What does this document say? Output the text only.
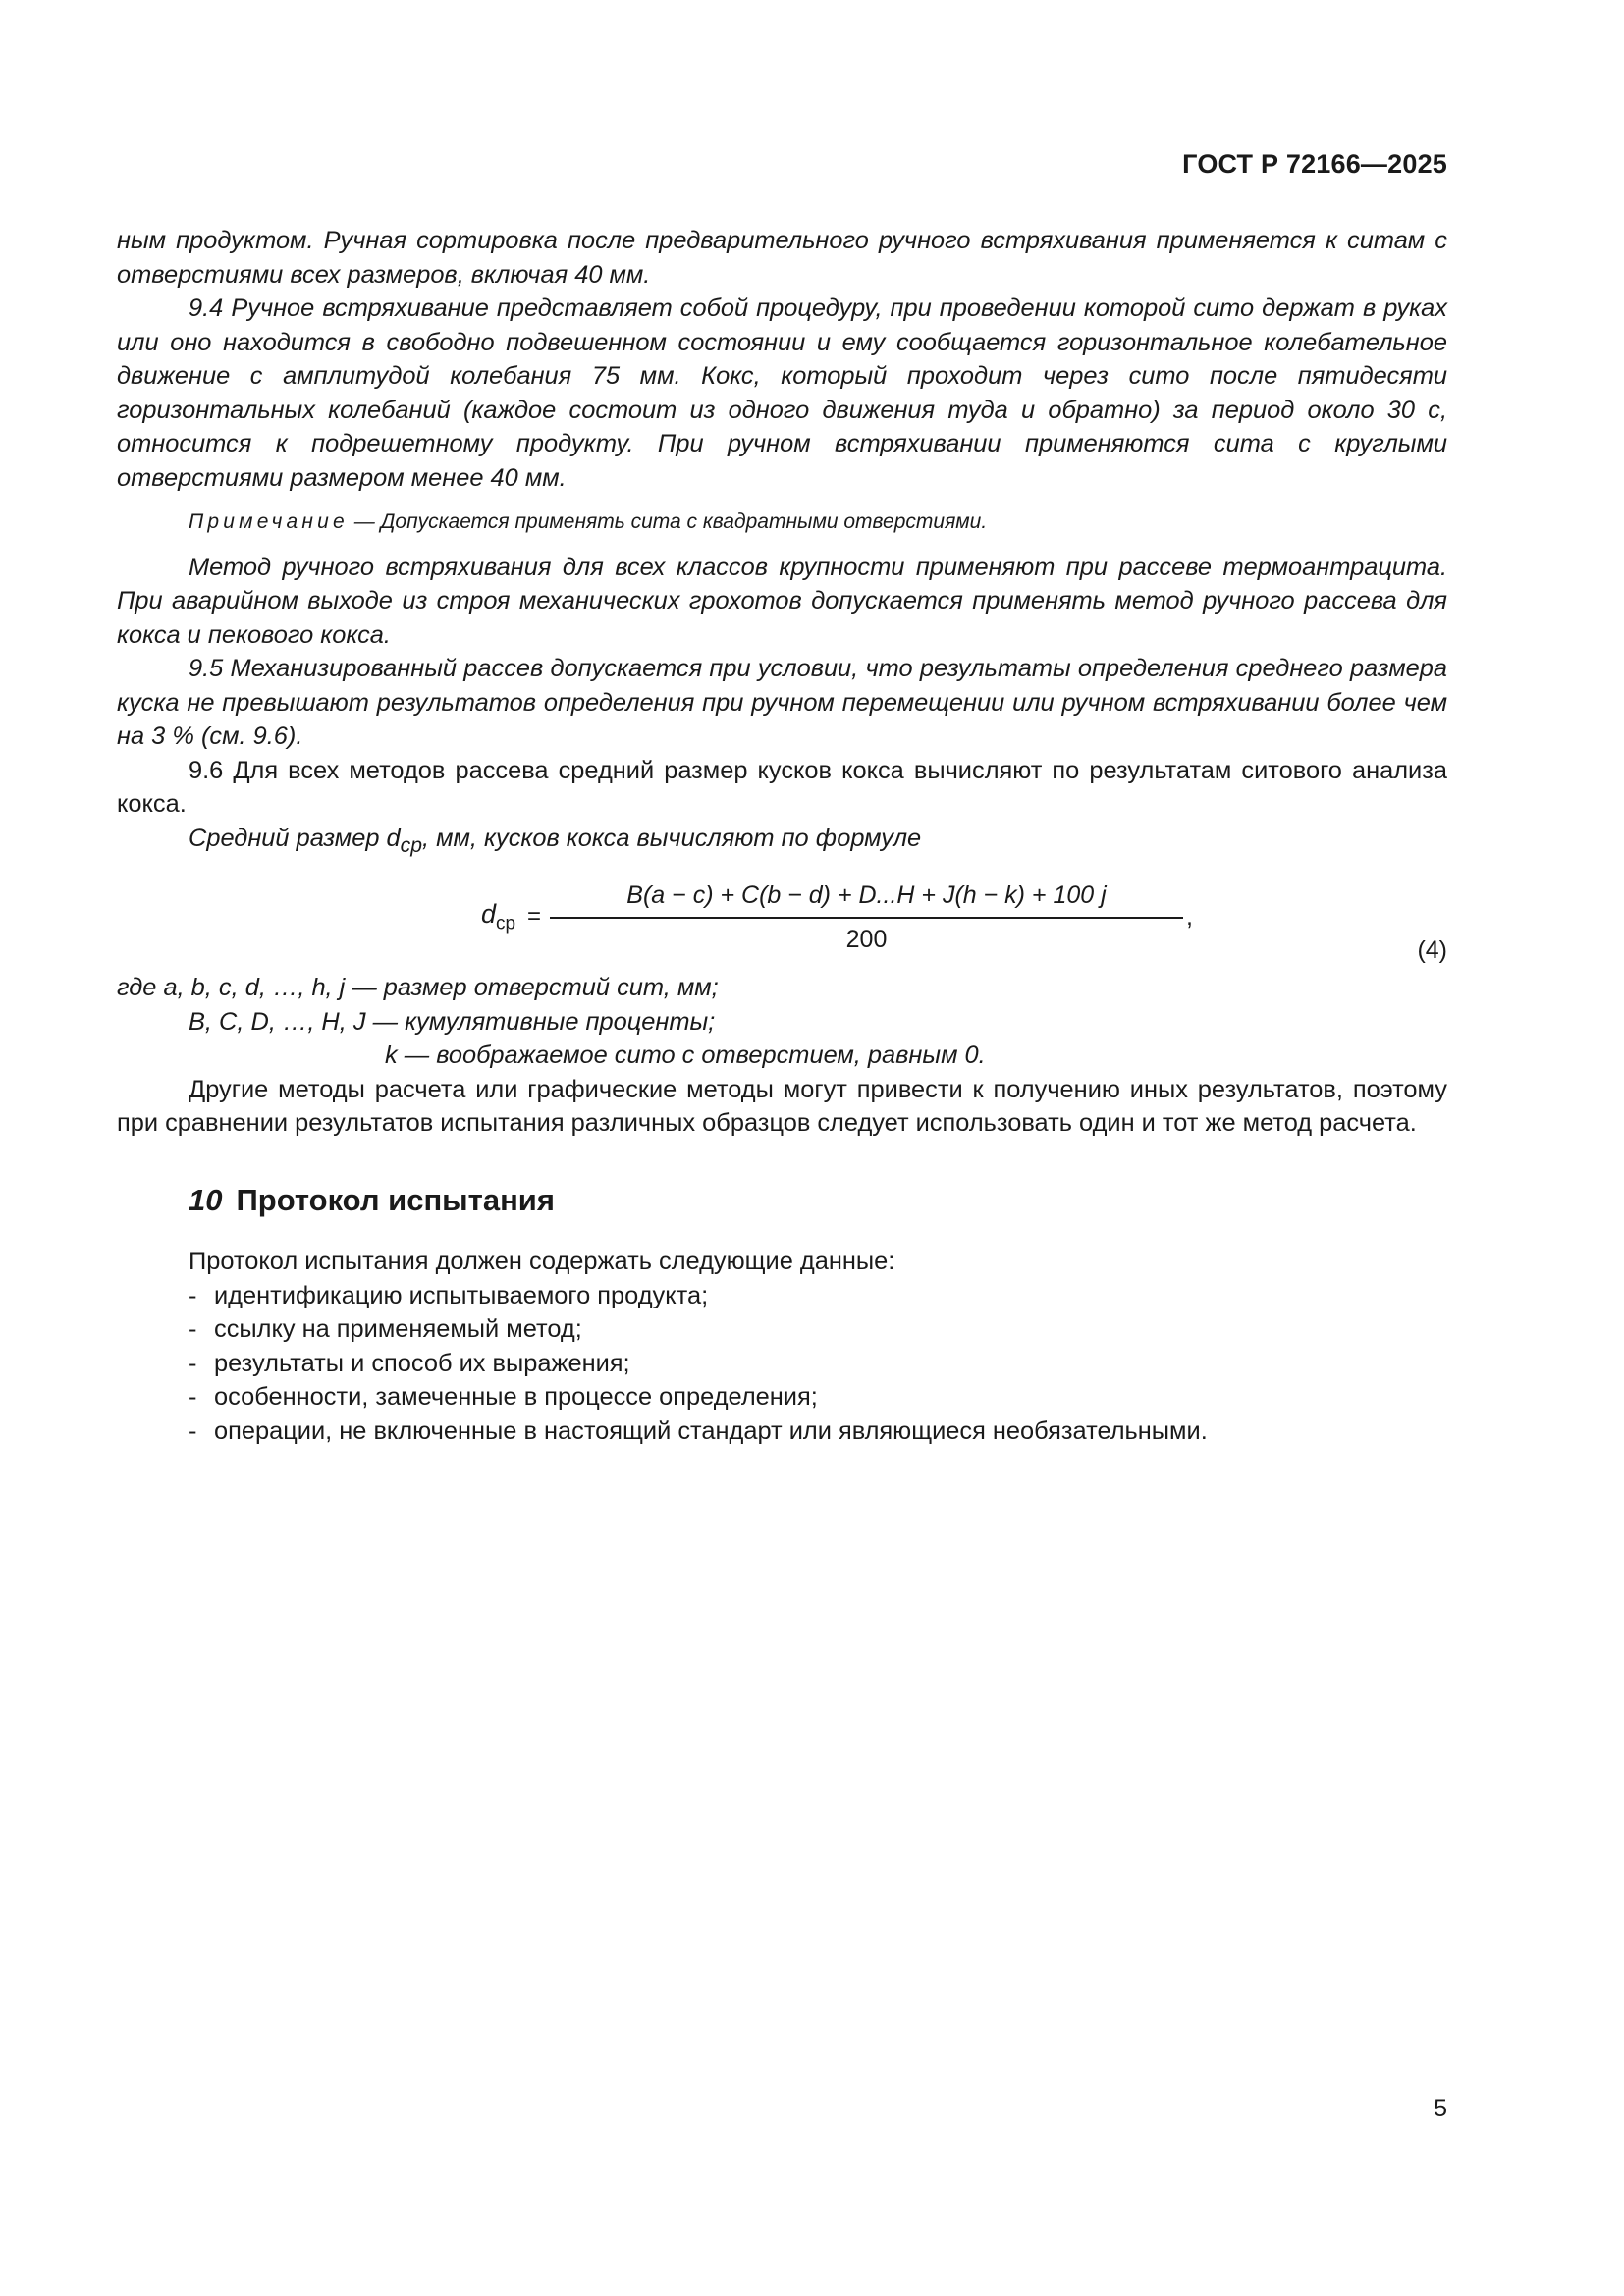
ГОСТ Р 72166—2025

ным продуктом. Ручная сортировка после предварительного ручного встряхивания применяется к ситам с отверстиями всех размеров, включая 40 мм.

9.4 Ручное встряхивание представляет собой процедуру, при проведении которой сито держат в руках или оно находится в свободно подвешенном состоянии и ему сообщается горизонтальное колебательное движение с амплитудой колебания 75 мм. Кокс, который проходит через сито после пятидесяти горизонтальных колебаний (каждое состоит из одного движения туда и обратно) за период около 30 с, относится к подрешетному продукту. При ручном встряхивании применяются сита с круглыми отверстиями размером менее 40 мм.

Примечание — Допускается применять сита с квадратными отверстиями.

Метод ручного встряхивания для всех классов крупности применяют при рассеве термоантрацита. При аварийном выходе из строя механических грохотов допускается применять метод ручного рассева для кокса и пекового кокса.

9.5 Механизированный рассев допускается при условии, что результаты определения среднего размера куска не превышают результатов определения при ручном перемещении или ручном встряхивании более чем на 3 % (см. 9.6).

9.6 Для всех методов рассева средний размер кусков кокса вычисляют по результатам ситового анализа кокса.

Средний размер $d_{ср}$, мм, кусков кокса вычисляют по формуле

$d_{ср}$ =
B(a − c) + C(b − d) + D...H + J(h − k) + 100 j
200
,
(4)

где a, b, c, d, …, h, j — размер отверстий сит, мм;

B, C, D, …, H, J — кумулятивные проценты;

k — воображаемое сито с отверстием, равным 0.

Другие методы расчета или графические методы могут привести к получению иных результатов, поэтому при сравнении результатов испытания различных образцов следует использовать один и тот же метод расчета.

10 Протокол испытания

Протокол испытания должен содержать следующие данные:

- идентификацию испытываемого продукта;
- ссылку на применяемый метод;
- результаты и способ их выражения;
- особенности, замеченные в процессе определения;
- операции, не включенные в настоящий стандарт или являющиеся необязательными.
5
